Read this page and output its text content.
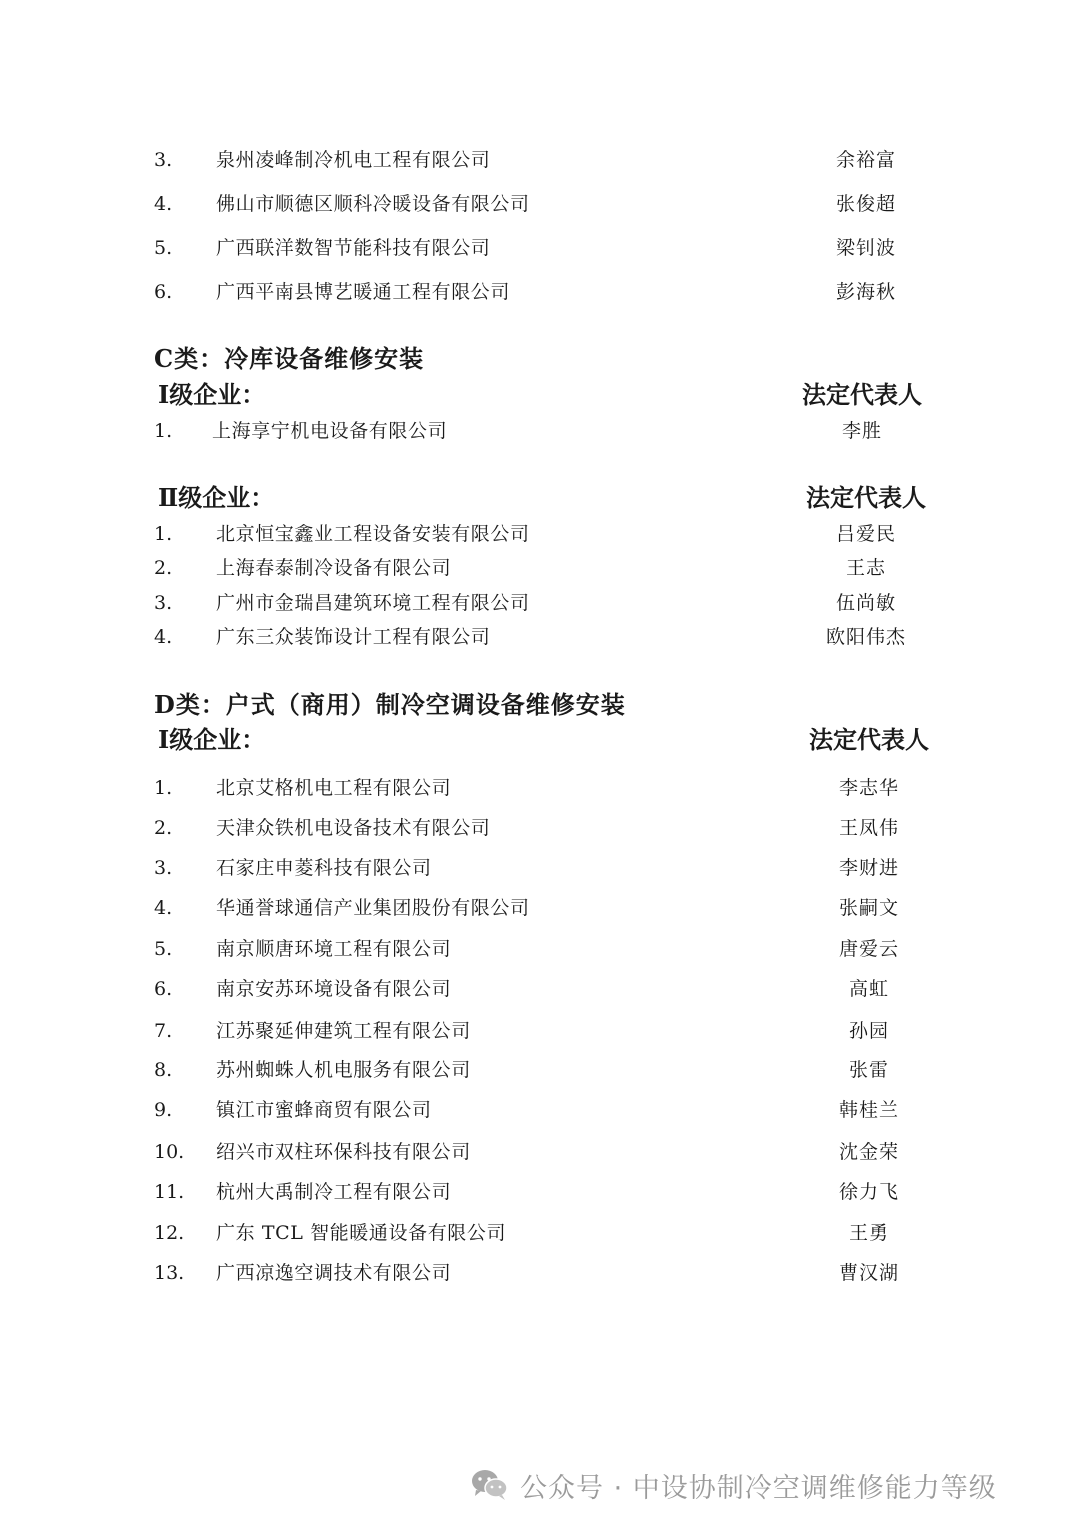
3. 泉州凌峰制冷机电工程有限公司	余裕富
4. 佛山市顺德区顺科冷暖设备有限公司	张俊超
5. 广西联洋数智节能科技有限公司	梁钊波
6. 广西平南县博艺暖通工程有限公司	彭海秋
C类：冷库设备维修安装
Ⅰ级企业：	法定代表人
1. 上海享宁机电设备有限公司	李胜
Ⅱ级企业：	法定代表人
1. 北京恒宝鑫业工程设备安装有限公司	吕爱民
2. 上海春泰制冷设备有限公司	王志
3. 广州市金瑞昌建筑环境工程有限公司	伍尚敏
4. 广东三众装饰设计工程有限公司	欧阳伟杰
D类：户式（商用）制冷空调设备维修安装
Ⅰ级企业：	法定代表人
1. 北京艾格机电工程有限公司	李志华
2. 天津众铁机电设备技术有限公司	王凤伟
3. 石家庄申菱科技有限公司	李财进
4. 华通誉球通信产业集团股份有限公司	张嗣文
5. 南京顺唐环境工程有限公司	唐爱云
6. 南京安苏环境设备有限公司	高虹
7. 江苏聚延伸建筑工程有限公司	孙园
8. 苏州蜘蛛人机电服务有限公司	张雷
9. 镇江市蜜蜂商贸有限公司	韩桂兰
10. 绍兴市双柱环保科技有限公司	沈金荣
11. 杭州大禹制冷工程有限公司	徐力飞
12. 广东 TCL 智能暖通设备有限公司	王勇
13. 广西凉逸空调技术有限公司	曹汉湖
公众号 · 中设协制冷空调维修能力等级
